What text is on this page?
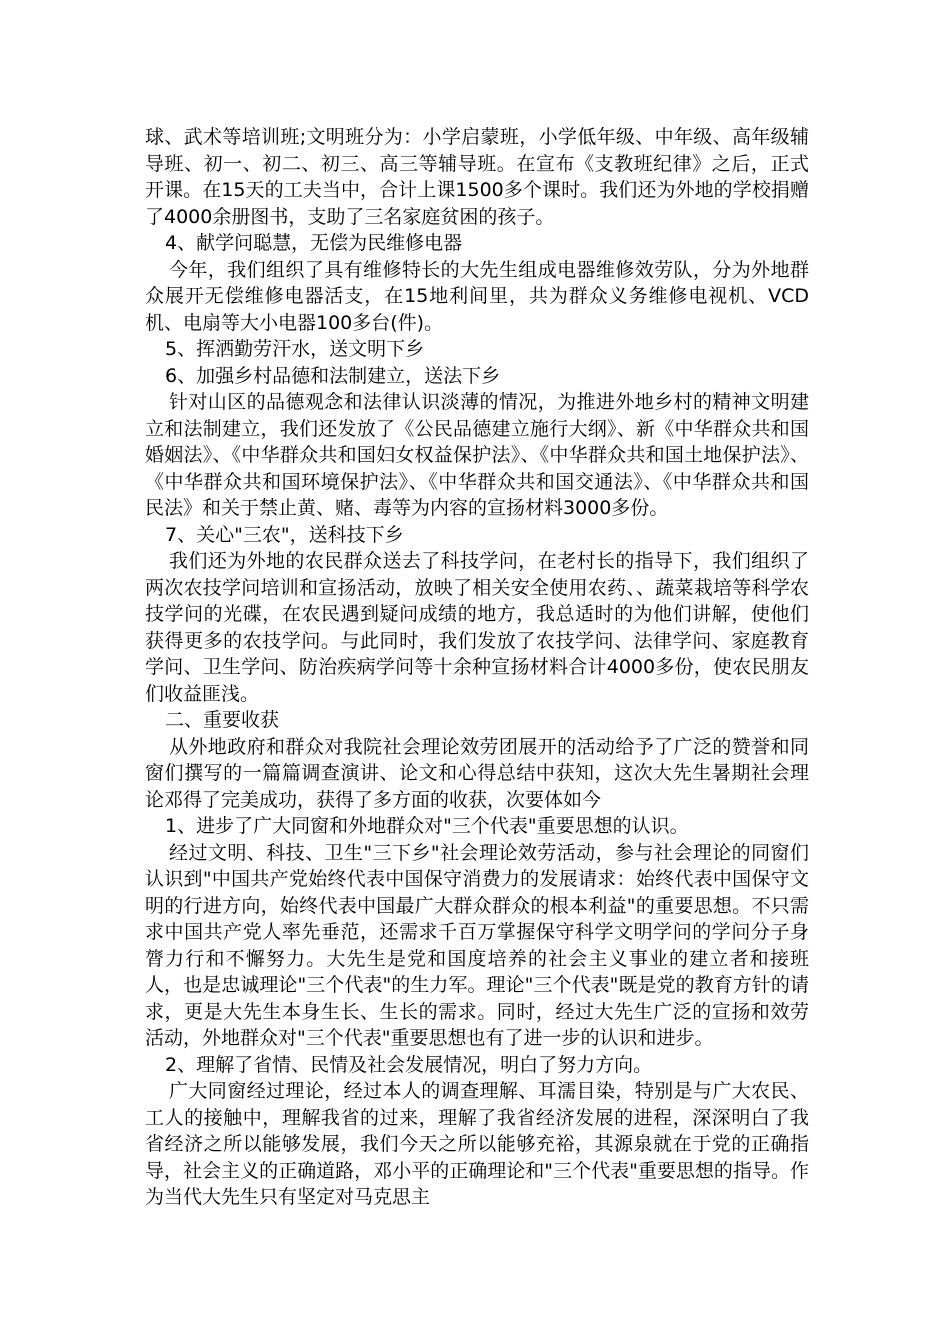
球、武术等培训班;文明班分为：小学启蒙班，小学低年级、中年级、高年级辅导班、初一、初二、初三、高三等辅导班。在宣布《支教班纪律》之后，正式开课。在15天的工夫当中，合计上课1500多个课时。我们还为外地的学校捐赠了4000余册图书，支助了三名家庭贫困的孩子。

4、献学问聪慧，无偿为民维修电器

今年，我们组织了具有维修特长的大先生组成电器维修效劳队，分为外地群众展开无偿维修电器活支，在15地利间里，共为群众义务维修电视机、VCD机、电扇等大小电器100多台(件)。

5、挥洒勤劳汗水，送文明下乡

6、加强乡村品德和法制建立，送法下乡

针对山区的品德观念和法律认识淡薄的情况，为推进外地乡村的精神文明建立和法制建立，我们还发放了《公民品德建立施行大纲》、新《中华群众共和国婚姻法》、《中华群众共和国妇女权益保护法》、《中华群众共和国土地保护法》、《中华群众共和国环境保护法》、《中华群众共和国交通法》、《中华群众共和国民法》和关于禁止黄、赌、毒等为内容的宣扬材料3000多份。

7、关心"三农"，送科技下乡

我们还为外地的农民群众送去了科技学问，在老村长的指导下，我们组织了两次农技学问培训和宣扬活动，放映了相关安全使用农药、、蔬菜栽培等科学农技学问的光碟，在农民遇到疑问成绩的地方，我总适时的为他们讲解，使他们获得更多的农技学问。与此同时，我们发放了农技学问、法律学问、家庭教育学问、卫生学问、防治疾病学问等十余种宣扬材料合计4000多份，使农民朋友们收益匪浅。

二、重要收获

从外地政府和群众对我院社会理论效劳团展开的活动给予了广泛的赞誉和同窗们撰写的一篇篇调查演讲、论文和心得总结中获知，这次大先生暑期社会理论邓得了完美成功，获得了多方面的收获，次要体如今

1、进步了广大同窗和外地群众对"三个代表"重要思想的认识。

经过文明、科技、卫生"三下乡"社会理论效劳活动，参与社会理论的同窗们认识到"中国共产党始终代表中国保守消费力的发展请求：始终代表中国保守文明的行进方向，始终代表中国最广大群众群众的根本利益"的重要思想。不只需求中国共产党人率先垂范，还需求千百万掌握保守科学文明学问的学问分子身膂力行和不懈努力。大先生是党和国度培养的社会主义事业的建立者和接班人，也是忠诚理论"三个代表"的生力军。理论"三个代表"既是党的教育方针的请求，更是大先生本身生长、生长的需求。同时，经过大先生广泛的宣扬和效劳活动，外地群众对"三个代表"重要思想也有了进一步的认识和进步。

2、理解了省情、民情及社会发展情况，明白了努力方向。

广大同窗经过理论，经过本人的调查理解、耳濡目染，特别是与广大农民、工人的接触中，理解我省的过来，理解了我省经济发展的进程，深深明白了我省经济之所以能够发展，我们今天之所以能够充裕，其源泉就在于党的正确指导，社会主义的正确道路，邓小平的正确理论和"三个代表"重要思想的指导。作为当代大先生只有坚定对马克思主
